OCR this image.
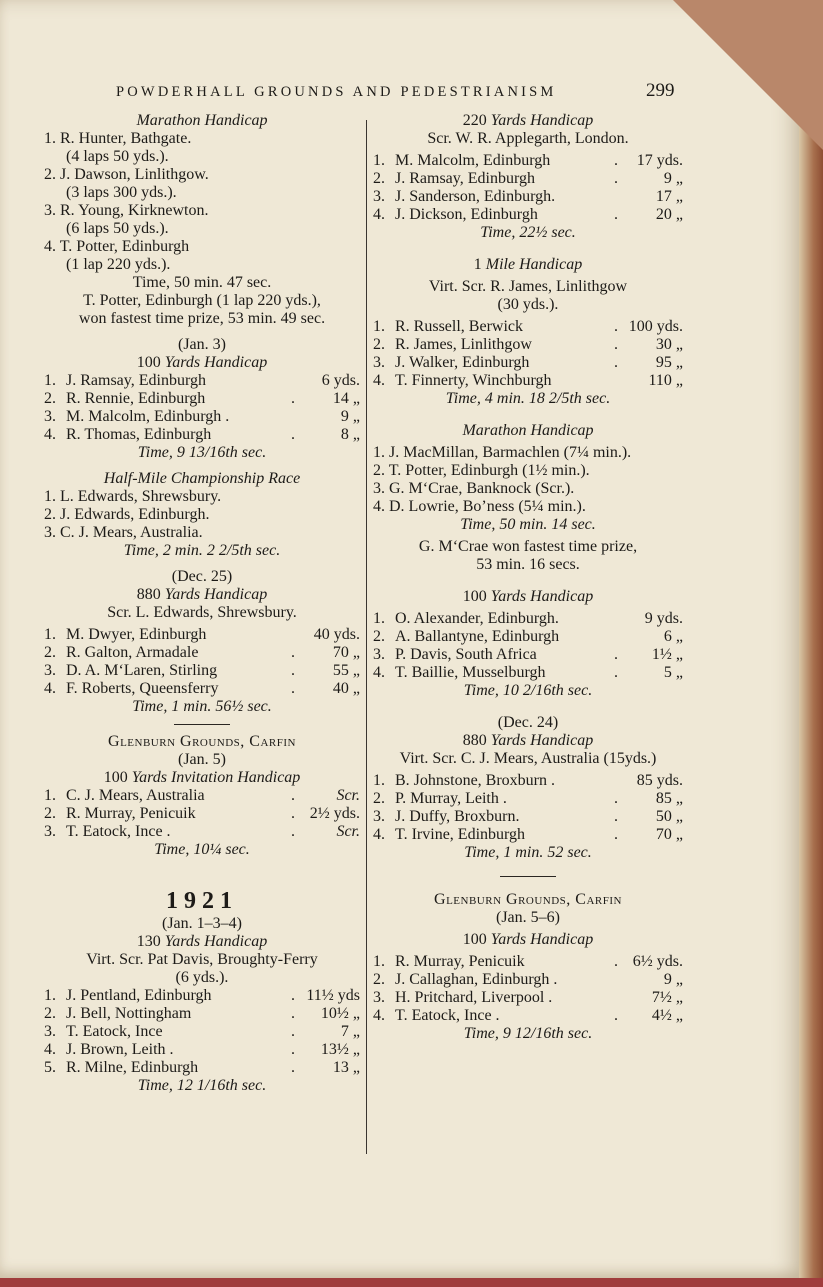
POWDERHALL GROUNDS AND PEDESTRIANISM	299
Marathon Handicap
1. R. Hunter, Bathgate.
(4 laps 50 yds.).
2. J. Dawson, Linlithgow.
(3 laps 300 yds.).
3. R. Young, Kirknewton.
(6 laps 50 yds.).
4. T. Potter, Edinburgh
(1 lap 220 yds.).
Time, 50 min. 47 sec.
T. Potter, Edinburgh (1 lap 220 yds.),
won fastest time prize, 53 min. 49 sec.
(Jan. 3)
100 Yards Handicap
1. J. Ramsay, Edinburgh	6 yds.
2. R. Rennie, Edinburgh	.	14 „
3. M. Malcolm, Edinburgh .	9 „
4. R. Thomas, Edinburgh	.	8 „
Time, 9 13/16th sec.
Half-Mile Championship Race
1. L. Edwards, Shrewsbury.
2. J. Edwards, Edinburgh.
3. C. J. Mears, Australia.
Time, 2 min. 2 2/5th sec.
(Dec. 25)
880 Yards Handicap
Scr. L. Edwards, Shrewsbury.
1. M. Dwyer, Edinburgh	40 yds.
2. R. Galton, Armadale	.	70 „
3. D. A. M‘Laren, Stirling	.	55 „
4. F. Roberts, Queensferry	.	40 „
Time, 1 min. 56½ sec.
Glenburn Grounds, Carfin
(Jan. 5)
100 Yards Invitation Handicap
1. C. J. Mears, Australia	.	Scr.
2. R. Murray, Penicuik	. 2½ yds.
3. T. Eatock, Ince .	.	Scr.
Time, 10¼ sec.
1921
(Jan. 1–3–4)
130 Yards Handicap
Virt. Scr. Pat Davis, Broughty-Ferry
(6 yds.).
1. J. Pentland, Edinburgh	. 11½ yds
2. J. Bell, Nottingham	.	10½ „
3. T. Eatock, Ince	.	7 „
4. J. Brown, Leith .	.	13½ „
5. R. Milne, Edinburgh	.	13 „
Time, 12 1/16th sec.
220 Yards Handicap
Scr. W. R. Applegarth, London.
1. M. Malcolm, Edinburgh	.	17 yds.
2. J. Ramsay, Edinburgh	.	9 „
3. J. Sanderson, Edinburgh.	17 „
4. J. Dickson, Edinburgh	.	20 „
Time, 22½ sec.
1 Mile Handicap
Virt. Scr. R. James, Linlithgow
(30 yds.).
1. R. Russell, Berwick	. 100 yds.
2. R. James, Linlithgow	.	30 „
3. J. Walker, Edinburgh	.	95 „
4. T. Finnerty, Winchburgh	110 „
Time, 4 min. 18 2/5th sec.
Marathon Handicap
1. J. MacMillan, Barmachlen (7¼ min.).
2. T. Potter, Edinburgh (1½ min.).
3. G. M‘Crae, Banknock (Scr.).
4. D. Lowrie, Bo’ness (5¼ min.).
Time, 50 min. 14 sec.
G. M‘Crae won fastest time prize,
53 min. 16 secs.
100 Yards Handicap
1. O. Alexander, Edinburgh.	9 yds.
2. A. Ballantyne, Edinburgh	6 „
3. P. Davis, South Africa	.	1½ „
4. T. Baillie, Musselburgh	.	5 „
Time, 10 2/16th sec.
(Dec. 24)
880 Yards Handicap
Virt. Scr. C. J. Mears, Australia (15yds.)
1. B. Johnstone, Broxburn .	85 yds.
2. P. Murray, Leith .	.	85 „
3. J. Duffy, Broxburn.	.	50 „
4. T. Irvine, Edinburgh	.	70 „
Time, 1 min. 52 sec.
Glenburn Grounds, Carfin
(Jan. 5–6)
100 Yards Handicap
1. R. Murray, Penicuik	. 6½ yds.
2. J. Callaghan, Edinburgh .	9 „
3. H. Pritchard, Liverpool .	7½ „
4. T. Eatock, Ince .	.	4½ „
Time, 9 12/16th sec.
